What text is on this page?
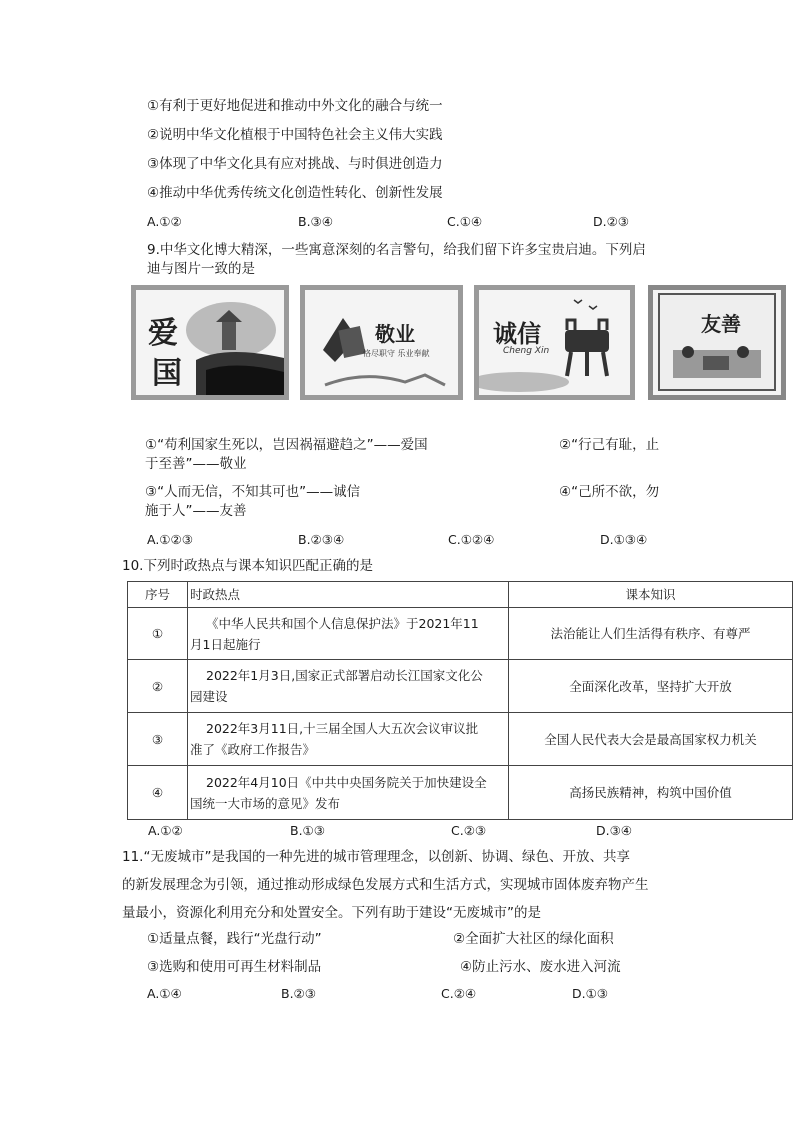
①有利于更好地促进和推动中外文化的融合与统一
②说明中华文化植根于中国特色社会主义伟大实践
③体现了中华文化具有应对挑战、与时俱进创造力
④推动中华优秀传统文化创造性转化、创新性发展
A.①②	B.③④	C.①④	D.②③
9.中华文化博大精深，一些寓意深刻的名言警句，给我们留下许多宝贵启迪。下列启
迪与图片一致的是
爱
国
敬业
恪尽职守 乐业奉献
诚信
Cheng Xin
友善
①“苟利国家生死以，岂因祸福避趋之”——爱国	②“行己有耻，止
于至善”——敬业
③“人而无信，不知其可也”——诚信	④“己所不欲，勿
施于人”——友善
A.①②③	B.②③④	C.①②④	D.①③④
10.下列时政热点与课本知识匹配正确的是
序号	时政热点	课本知识
①	《中华人民共和国个人信息保护法》于2021年11
月1日起施行	法治能让人们生活得有秩序、有尊严
②	2022年1月3日,国家正式部署启动长江国家文化公
园建设	全面深化改革，坚持扩大开放
③	2022年3月11日,十三届全国人大五次会议审议批
准了《政府工作报告》	全国人民代表大会是最高国家权力机关
④	2022年4月10日《中共中央国务院关于加快建设全
国统一大市场的意见》发布	高扬民族精神，构筑中国价值
A.①②	B.①③	C.②③	D.③④
11.“无废城市”是我国的一种先进的城市管理理念，以创新、协调、绿色、开放、共享
的新发展理念为引领，通过推动形成绿色发展方式和生活方式，实现城市固体废弃物产生
量最小，资源化利用充分和处置安全。下列有助于建设“无废城市”的是
①适量点餐，践行“光盘行动”	②全面扩大社区的绿化面积
③选购和使用可再生材料制品	④防止污水、废水进入河流
A.①④	B.②③	C.②④	D.①③
